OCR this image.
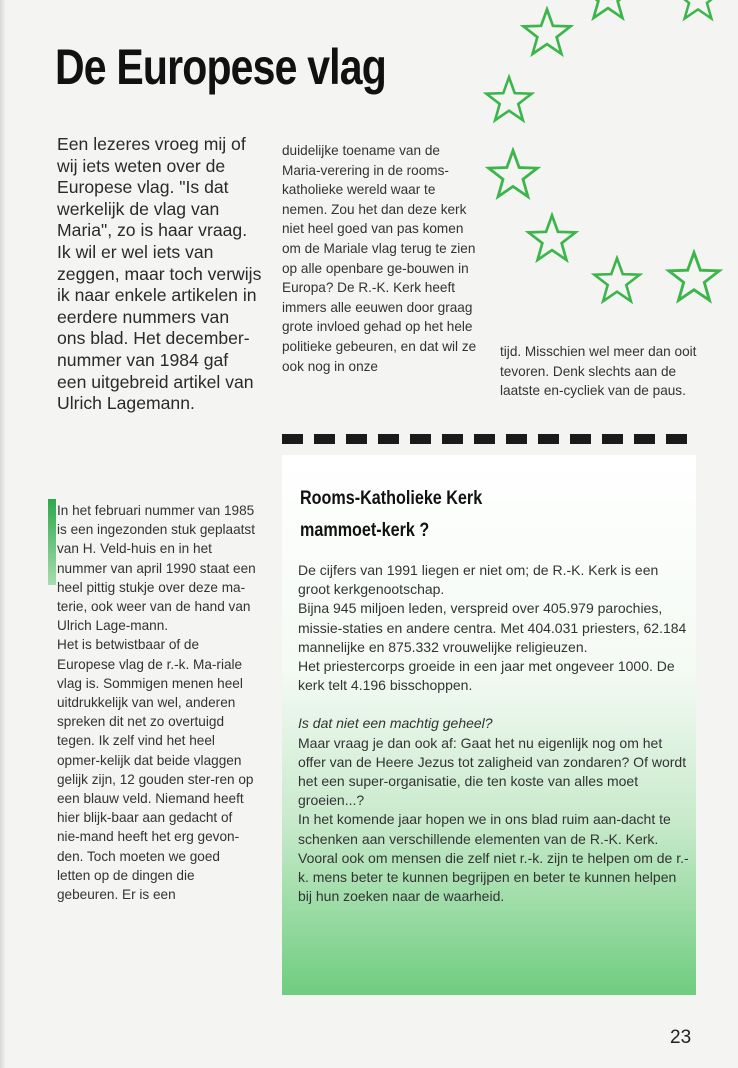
De Europese vlag

Een lezeres vroeg mij of wij iets weten over de Europese vlag. "Is dat werkelijk de vlag van Maria", zo is haar vraag.

Ik wil er wel iets van zeggen, maar toch verwijs ik naar enkele artikelen in eerdere nummers van ons blad. Het december-nummer van 1984 gaf een uitgebreid artikel van Ulrich Lagemann.

duidelijke toename van de Maria-verering in de rooms-katholieke wereld waar te nemen. Zou het dan deze kerk niet heel goed van pas komen om de Mariale vlag terug te zien op alle openbare ge-bouwen in Europa? De R.-K. Kerk heeft immers alle eeuwen door graag grote invloed gehad op het hele politieke gebeuren, en dat wil ze ook nog in onze
tijd. Misschien wel meer dan ooit tevoren. Denk slechts aan de laatste en-cycliek van de paus.

In het februari nummer van 1985 is een ingezonden stuk geplaatst van H. Veld-huis en in het nummer van april 1990 staat een heel pittig stukje over deze ma-terie, ook weer van de hand van Ulrich Lage-mann.

Het is betwistbaar of de Europese vlag de r.-k. Ma-riale vlag is. Sommigen menen heel uitdrukkelijk van wel, anderen spreken dit net zo overtuigd tegen. Ik zelf vind het heel opmer-kelijk dat beide vlaggen gelijk zijn, 12 gouden ster-ren op een blauw veld. Niemand heeft hier blijk-baar aan gedacht of nie-mand heeft het erg gevon-den. Toch moeten we goed letten op de dingen die gebeuren. Er is een

Rooms-Katholieke Kerk mammoet-kerk ?

De cijfers van 1991 liegen er niet om; de R.-K. Kerk is een groot kerkgenootschap.

Bijna 945 miljoen leden, verspreid over 405.979 parochies, missie-staties en andere centra. Met 404.031 priesters, 62.184 mannelijke en 875.332 vrouwelijke religieuzen.

Het priestercorps groeide in een jaar met ongeveer 1000. De kerk telt 4.196 bisschoppen.

Is dat niet een machtig geheel?

Maar vraag je dan ook af: Gaat het nu eigenlijk nog om het offer van de Heere Jezus tot zaligheid van zondaren? Of wordt het een super-organisatie, die ten koste van alles moet groeien...?

In het komende jaar hopen we in ons blad ruim aan-dacht te schenken aan verschillende elementen van de R.-K. Kerk. Vooral ook om mensen die zelf niet r.-k. zijn te helpen om de r.-k. mens beter te kunnen begrijpen en beter te kunnen helpen bij hun zoeken naar de waarheid.

23
